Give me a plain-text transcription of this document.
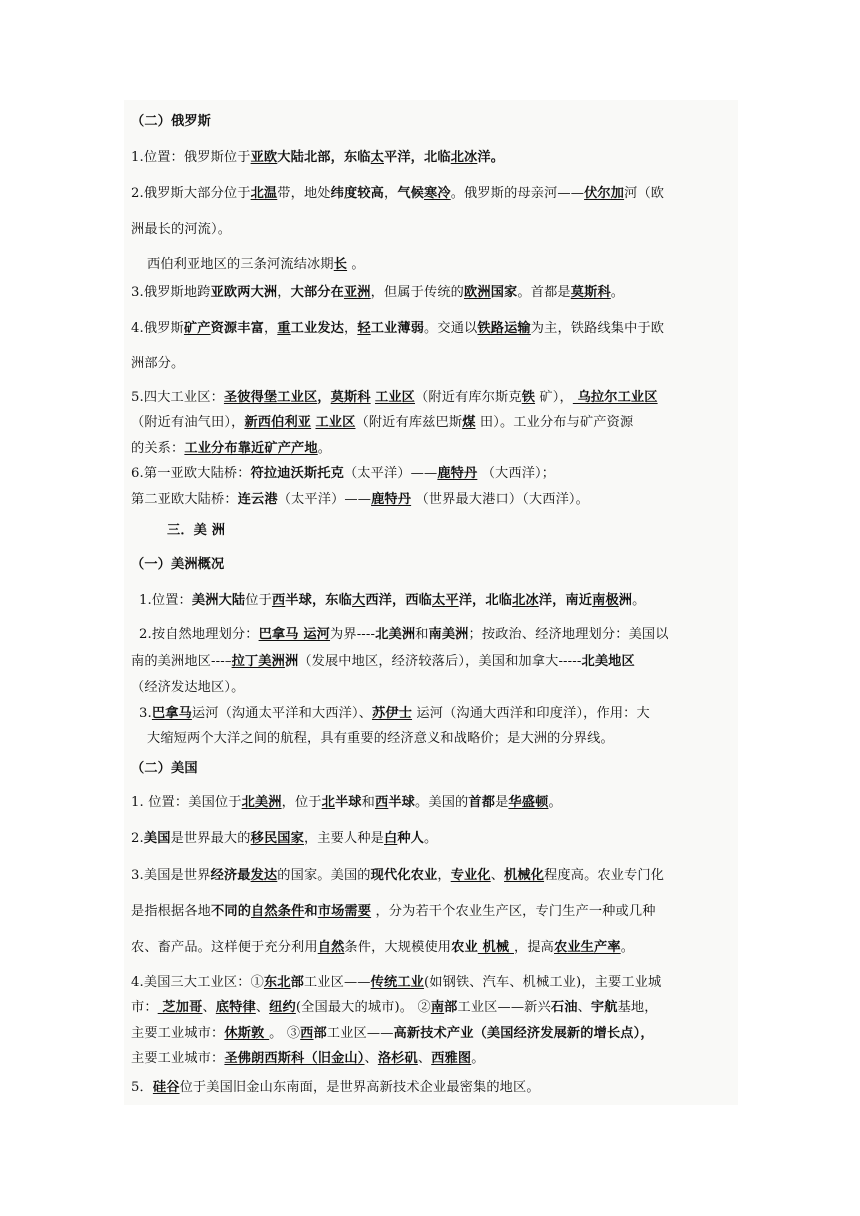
（二）俄罗斯
1.位置：俄罗斯位于亚欧大陆北部，东临太平洋，北临北冰洋。
2.俄罗斯大部分位于北温带，地处纬度较高，气候寒冷。俄罗斯的母亲河——伏尔加河（欧
洲最长的河流）。
西伯利亚地区的三条河流结冰期长 。
3.俄罗斯地跨亚欧两大洲，大部分在亚洲，但属于传统的欧洲国家。首都是莫斯科。
4.俄罗斯矿产资源丰富，重工业发达，轻工业薄弱。交通以铁路运输为主，铁路线集中于欧
洲部分。
5.四大工业区：圣彼得堡工业区，莫斯科 工业区（附近有库尔斯克铁 矿）， 乌拉尔工业区
（附近有油气田），新西伯利亚 工业区（附近有库兹巴斯煤 田）。工业分布与矿产资源
的关系：工业分布靠近矿产产地。
6.第一亚欧大陆桥：符拉迪沃斯托克（太平洋）——鹿特丹 （大西洋）；
第二亚欧大陆桥：连云港（太平洋）——鹿特丹 （世界最大港口）（大西洋）。
三．美 洲
（一）美洲概况
1.位置：美洲大陆位于西半球，东临大西洋，西临太平洋，北临北冰洋，南近南极洲。
2.按自然地理划分：巴拿马 运河为界----北美洲和南美洲；按政治、经济地理划分：美国以
南的美洲地区---–拉丁美洲洲（发展中地区，经济较落后），美国和加拿大-----北美地区
（经济发达地区）。
3.巴拿马运河（沟通太平洋和大西洋）、苏伊士 运河（沟通大西洋和印度洋），作用：大
大缩短两个大洋之间的航程，具有重要的经济意义和战略价；是大洲的分界线。
（二）美国
1. 位置：美国位于北美洲，位于北半球和西半球。美国的首都是华盛顿。
2.美国是世界最大的移民国家，主要人种是白种人。
3.美国是世界经济最发达的国家。美国的现代化农业，专业化、机械化程度高。农业专门化
是指根据各地不同的自然条件和市场需要 ，分为若干个农业生产区，专门生产一种或几种
农、畜产品。这样便于充分利用自然条件，大规模使用农业 机械 ，提高农业生产率。
4.美国三大工业区：①东北部工业区——传统工业(如钢铁、汽车、机械工业)，主要工业城
市： 芝加哥、底特律、纽约(全国最大的城市)。 ②南部工业区——新兴石油、宇航基地，
主要工业城市：休斯敦 。 ③西部工业区——高新技术产业（美国经济发展新的增长点），
主要工业城市：圣佛朗西斯科（旧金山）、洛杉矶、西雅图。
5．硅谷位于美国旧金山东南面，是世界高新技术企业最密集的地区。
